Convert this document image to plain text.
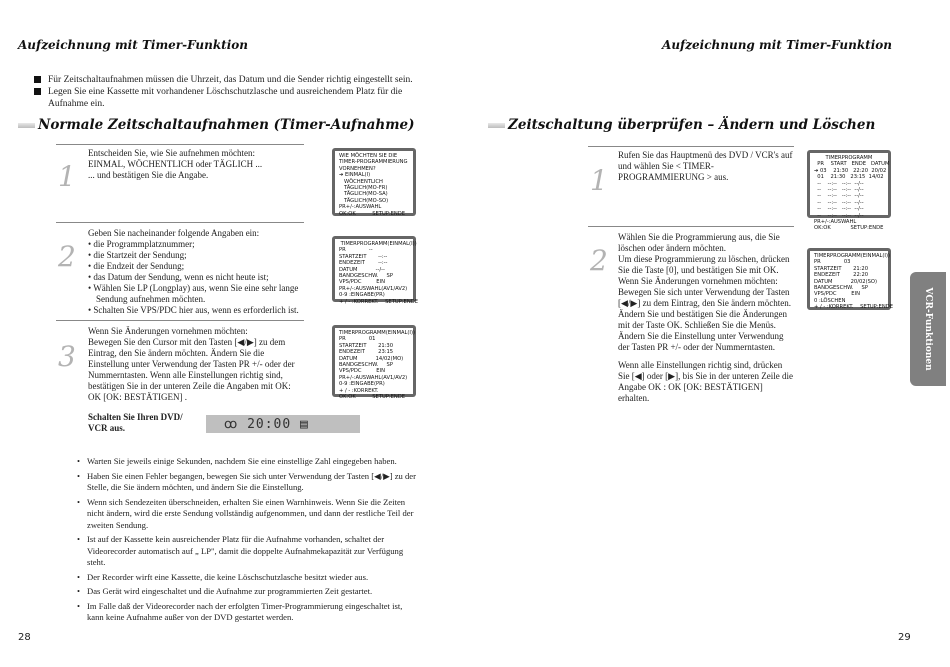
Aufzeichnung mit Timer-Funktion	Aufzeichnung mit Timer-Funktion
Für Zeitschaltaufnahmen müssen die Uhrzeit, das Datum und die Sender richtig eingestellt sein.
Legen Sie eine Kassette mit vorhandener Löschschutzlasche und ausreichendem Platz für die Aufnahme ein.
Normale Zeitschaltaufnahmen (Timer-Aufnahme)
1

Entscheiden Sie, wie Sie aufnehmen möchten:

EINMAL, WÖCHENTLICH oder TÄGLICH ...

... und bestätigen Sie die Angabe.

WIE MÖCHTEN SIE DIE
TIMER-PROGRAMMIERUNG
VORNEHMEN?
➔ EINMAL(I)
WÖCHENTLICH
TÄGLICH(MO-FR)
TÄGLICH(MO-SA)
TÄGLICH(MO-SO)
PR+/-:AUSWAHL
OK:OK          SETUP:ENDE
2

Geben Sie nacheinander folgende Angaben ein:

• die Programmplatznummer;

• die Startzeit der Sendung;

• die Endzeit der Sendung;

• das Datum der Sendung, wenn es nicht heute ist;

• Wählen Sie LP (Longplay) aus, wenn Sie eine sehr lange Sendung aufnehmen möchten.

• Schalten Sie VPS/PDC hier aus, wenn es erforderlich ist.

TIMERPROGRAMM(EINMAL(I))
PR              --
STARTZEIT       --:--
ENDEZEIT        --:--
DATUM           --/--
BANDGESCHW.     SP
VPS/PDC         EIN
PR+/-:AUSWAHL(AV1/AV2)
0-9 :EINGABE(PR)
+ / - :KORREKT.    SETUP:ENDE
3

Wenn Sie Änderungen vornehmen möchten:

Bewegen Sie den Cursor mit den Tasten [◀/▶] zu dem Eintrag, den Sie ändern möchten. Ändern Sie die Einstellung unter Verwendung der Tasten PR +/- oder der Nummerntasten. Wenn alle Einstellungen richtig sind, bestätigen Sie in der unteren Zeile die Angaben mit OK: OK [OK: BESTÄTIGEN] .

TIMERPROGRAMM(EINMAL(I))
PR              01
STARTZEIT       21:30
ENDEZEIT        23:15
DATUM           14/02(MO)
BANDGESCHW.     SP
VPS/PDC         EIN
PR+/-:AUSWAHL(AV1/AV2)
0-9 :EINGABE(PR)
+ / - :KORREKT.
OK:OK          SETUP:ENDE
Schalten Sie Ihren DVD/ VCR aus.	ꝏ 20:00 ▤
• Warten Sie jeweils einige Sekunden, nachdem Sie eine einstellige Zahl eingegeben haben.
• Haben Sie einen Fehler begangen, bewegen Sie sich unter Verwendung der Tasten [◀/▶] zu der Stelle, die Sie ändern möchten, und ändern Sie die Einstellung.
• Wenn sich Sendezeiten überschneiden, erhalten Sie einen Warnhinweis. Wenn Sie die Zeiten nicht ändern, wird die erste Sendung vollständig aufgenommen, und dann der restliche Teil der zweiten Sendung.
• Ist auf der Kassette kein ausreichender Platz für die Aufnahme vorhanden, schaltet der Videorecorder automatisch auf „ LP", damit die doppelte Aufnahmekapazität zur Verfügung steht.
• Der Recorder wirft eine Kassette, die keine Löschschutzlasche besitzt wieder aus.
• Das Gerät wird eingeschaltet und die Aufnahme zur programmierten Zeit gestartet.
• Im Falle daß der Videorecorder nach der erfolgten Timer-Programmierung eingeschaltet ist, kann keine Aufnahme außer von der DVD gestartet werden.
Zeitschaltung überprüfen – Ändern und Löschen
1

Rufen Sie das Hauptmenü des DVD / VCR's auf und wählen Sie < TIMER-PROGRAMMIERUNG > aus.

TIMERPROGRAMM
PR    START   ENDE   DATUM
➔ 03    21:30   22:20  20/02
01    21:30   23:15  14/02
--    --:--   --:--  --/--
--    --:--   --:--  --/--
--    --:--   --:--  --/--
--    --:--   --:--  --/--
--    --:--   --:--  --/--
--    --:--   --:--  --/--
PR+/-:AUSWAHL
OK:OK            SETUP:ENDE
2

Wählen Sie die Programmierung aus, die Sie löschen oder ändern möchten.

Um diese Programmierung zu löschen, drücken Sie die Taste [0], und bestätigen Sie mit OK.

Wenn Sie Änderungen vornehmen möchten:

Bewegen Sie sich unter Verwendung der Tasten [◀/▶] zu dem Eintrag, den Sie ändern möchten. Ändern Sie und bestätigen Sie die Änderungen mit der Taste OK. Schließen Sie die Menüs. Ändern Sie die Einstellung unter Verwendung der Tasten PR +/- oder der Nummerntasten.

Wenn alle Einstellungen richtig sind, drücken Sie [◀] oder [▶], bis Sie in der unteren Zeile die Angabe OK : OK [OK: BESTÄTIGEN] erhalten.

TIMERPROGRAMM(EINMAL(I))
PR              03
STARTZEIT       21:20
ENDEZEIT        22:20
DATUM           20/02(SO)
BANDGESCHW.     SP
VPS/PDC         EIN
0 :LÖSCHEN
+ / - :KORREKT.    SETUP:ENDE	VCR-Funktionen
28	29
